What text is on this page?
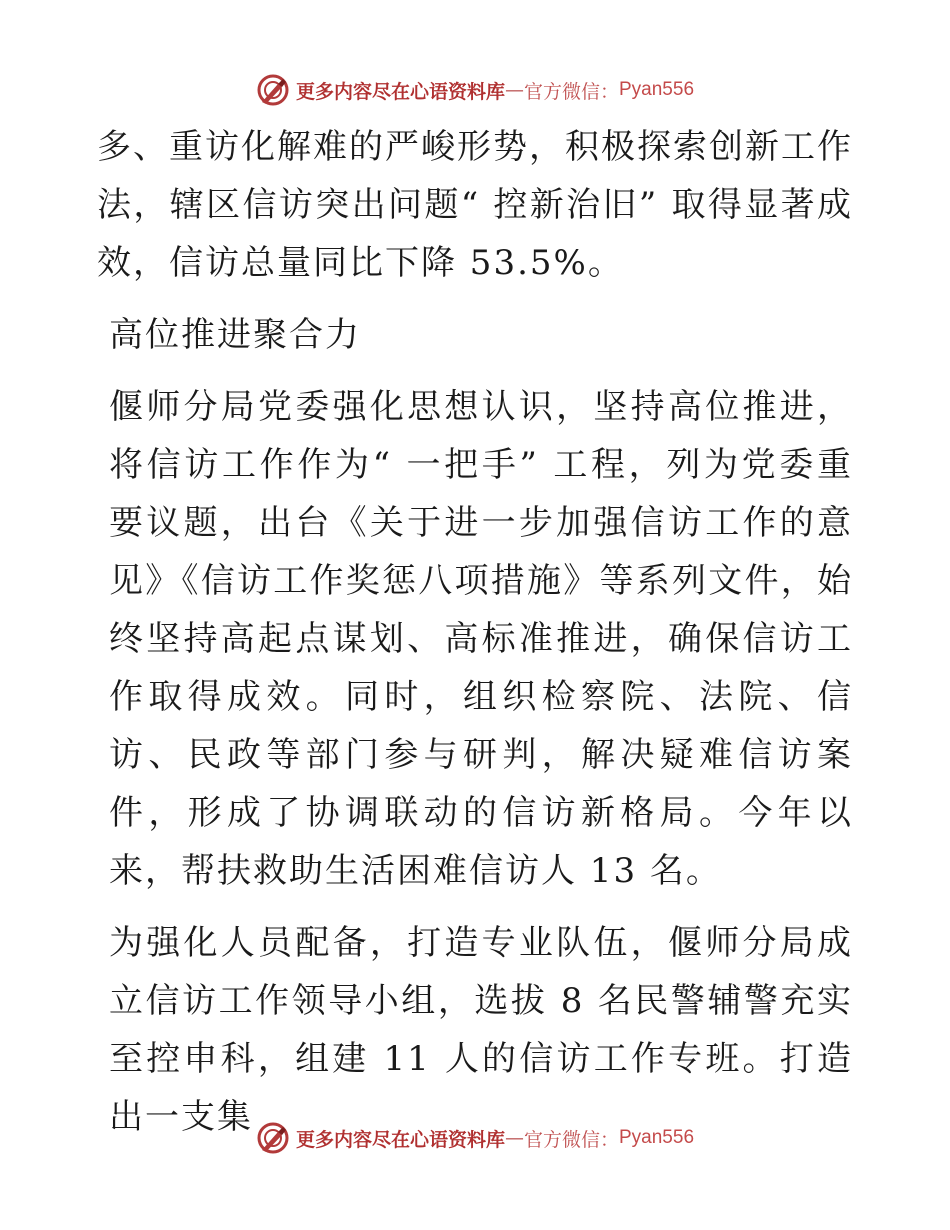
更多内容尽在心语资料库 — 官方微信： Pyan556

多、重访化解难的严峻形势，积极探索创新工作法，辖区信访突出问题“ 控新治旧” 取得显著成效，信访总量同比下降 53.5%。

高位推进聚合力

偃师分局党委强化思想认识，坚持高位推进，将信访工作作为“ 一把手” 工程，列为党委重要议题，出台《关于进一步加强信访工作的意见》《信访工作奖惩八项措施》等系列文件，始终坚持高起点谋划、高标准推进，确保信访工作取得成效。同时，组织检察院、法院、信访、民政等部门参与研判，解决疑难信访案件，形成了协调联动的信访新格局。今年以来，帮扶救助生活困难信访人 13 名。

为强化人员配备，打造专业队伍，偃师分局成立信访工作领导小组，选拔 8 名民警辅警充实至控申科，组建 11 人的信访工作专班。打造出一支集

更多内容尽在心语资料库 — 官方微信： Pyan556
